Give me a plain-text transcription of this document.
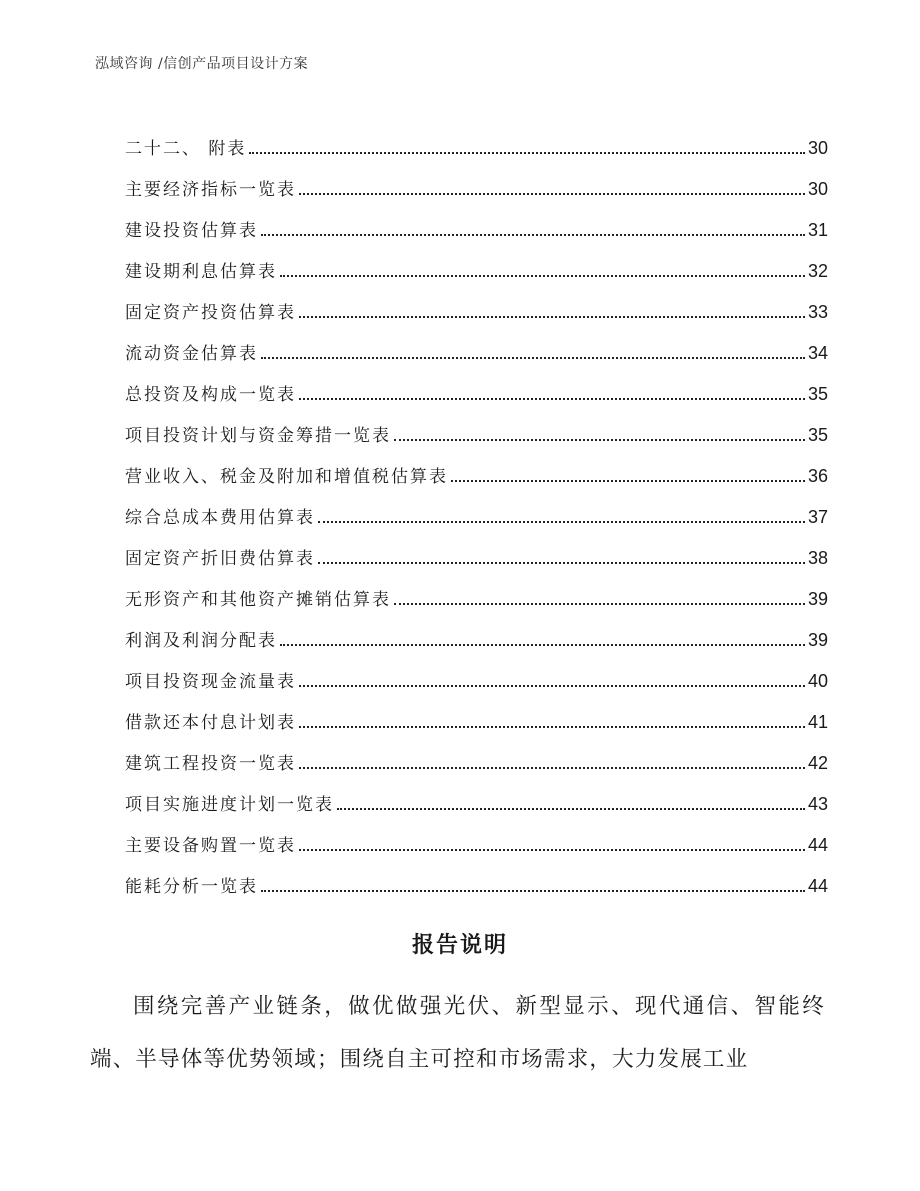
泓域咨询 /信创产品项目设计方案
二十二、 附表	30
主要经济指标一览表	30
建设投资估算表	31
建设期利息估算表	32
固定资产投资估算表	33
流动资金估算表	34
总投资及构成一览表	35
项目投资计划与资金筹措一览表	35
营业收入、税金及附加和增值税估算表	36
综合总成本费用估算表	37
固定资产折旧费估算表	38
无形资产和其他资产摊销估算表	39
利润及利润分配表	39
项目投资现金流量表	40
借款还本付息计划表	41
建筑工程投资一览表	42
项目实施进度计划一览表	43
主要设备购置一览表	44
能耗分析一览表	44
报告说明

围绕完善产业链条，做优做强光伏、新型显示、现代通信、智能终端、半导体等优势领域；围绕自主可控和市场需求，大力发展工业
